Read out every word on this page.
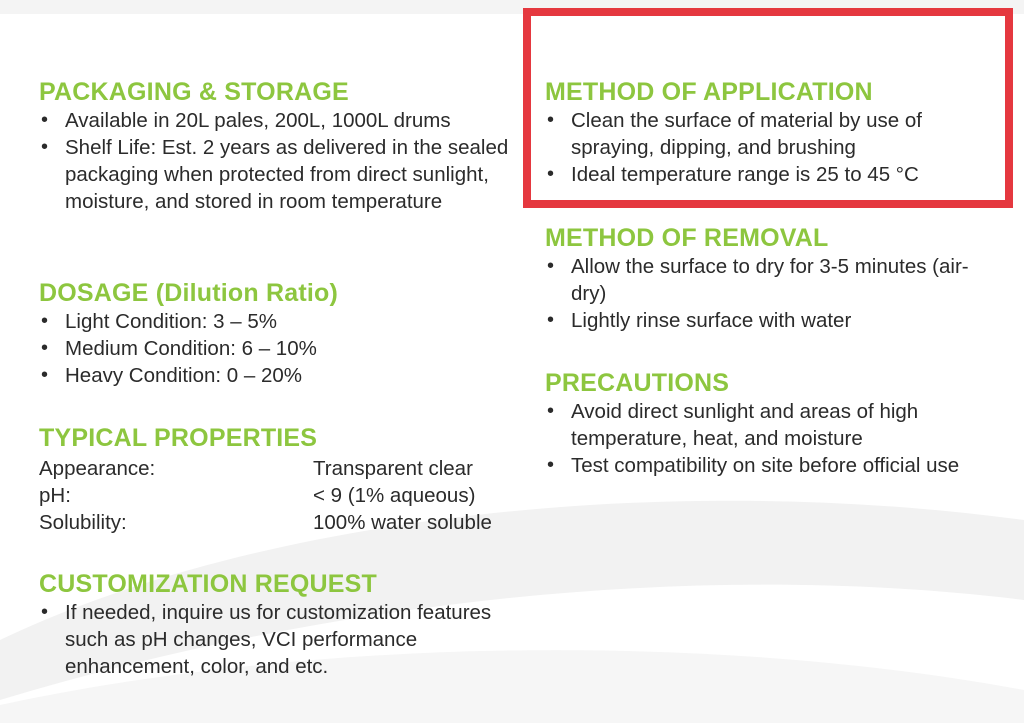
PACKAGING & STORAGE
• Available in 20L pales, 200L, 1000L drums
• Shelf Life: Est. 2 years as delivered in the sealed packaging when protected from direct sunlight, moisture, and stored in room temperature
DOSAGE (Dilution Ratio)
• Light Condition: 3 – 5%
• Medium Condition: 6 – 10%
• Heavy Condition: 0 – 20%
TYPICAL PROPERTIES
Appearance:	Transparent clear
pH:	< 9 (1% aqueous)
Solubility:	100% water soluble
CUSTOMIZATION REQUEST
• If needed, inquire us for customization features such as pH changes, VCI performance enhancement, color, and etc.
METHOD OF APPLICATION
• Clean the surface of material by use of spraying, dipping, and brushing
• Ideal temperature range is 25 to 45 °C
METHOD OF REMOVAL
• Allow the surface to dry for 3-5 minutes (air-dry)
• Lightly rinse surface with water
PRECAUTIONS
• Avoid direct sunlight and areas of high temperature, heat, and moisture
• Test compatibility on site before official use
